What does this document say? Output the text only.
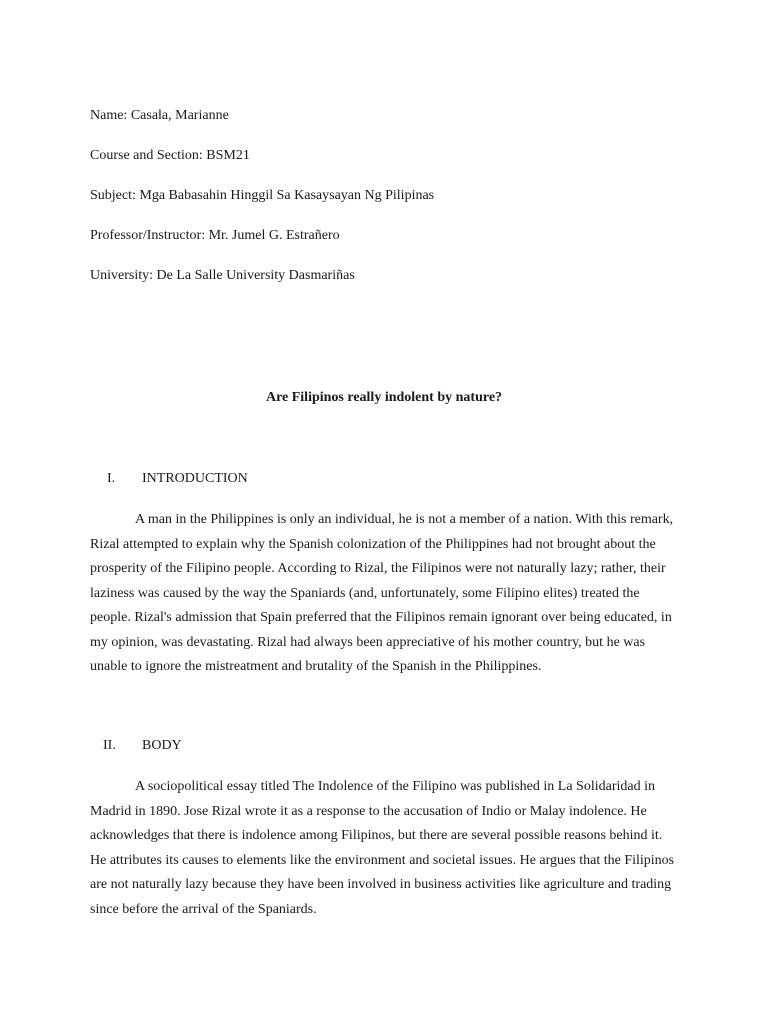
Name: Casala, Marianne
Course and Section: BSM21
Subject: Mga Babasahin Hinggil Sa Kasaysayan Ng Pilipinas
Professor/Instructor: Mr. Jumel G. Estrañero
University: De La Salle University Dasmariñas
Are Filipinos really indolent by nature?
I. INTRODUCTION

A man in the Philippines is only an individual, he is not a member of a nation. With this remark, Rizal attempted to explain why the Spanish colonization of the Philippines had not brought about the prosperity of the Filipino people. According to Rizal, the Filipinos were not naturally lazy; rather, their laziness was caused by the way the Spaniards (and, unfortunately, some Filipino elites) treated the people. Rizal's admission that Spain preferred that the Filipinos remain ignorant over being educated, in my opinion, was devastating. Rizal had always been appreciative of his mother country, but he was unable to ignore the mistreatment and brutality of the Spanish in the Philippines.

II. BODY

A sociopolitical essay titled The Indolence of the Filipino was published in La Solidaridad in Madrid in 1890. Jose Rizal wrote it as a response to the accusation of Indio or Malay indolence. He acknowledges that there is indolence among Filipinos, but there are several possible reasons behind it. He attributes its causes to elements like the environment and societal issues. He argues that the Filipinos are not naturally lazy because they have been involved in business activities like agriculture and trading since before the arrival of the Spaniards.
